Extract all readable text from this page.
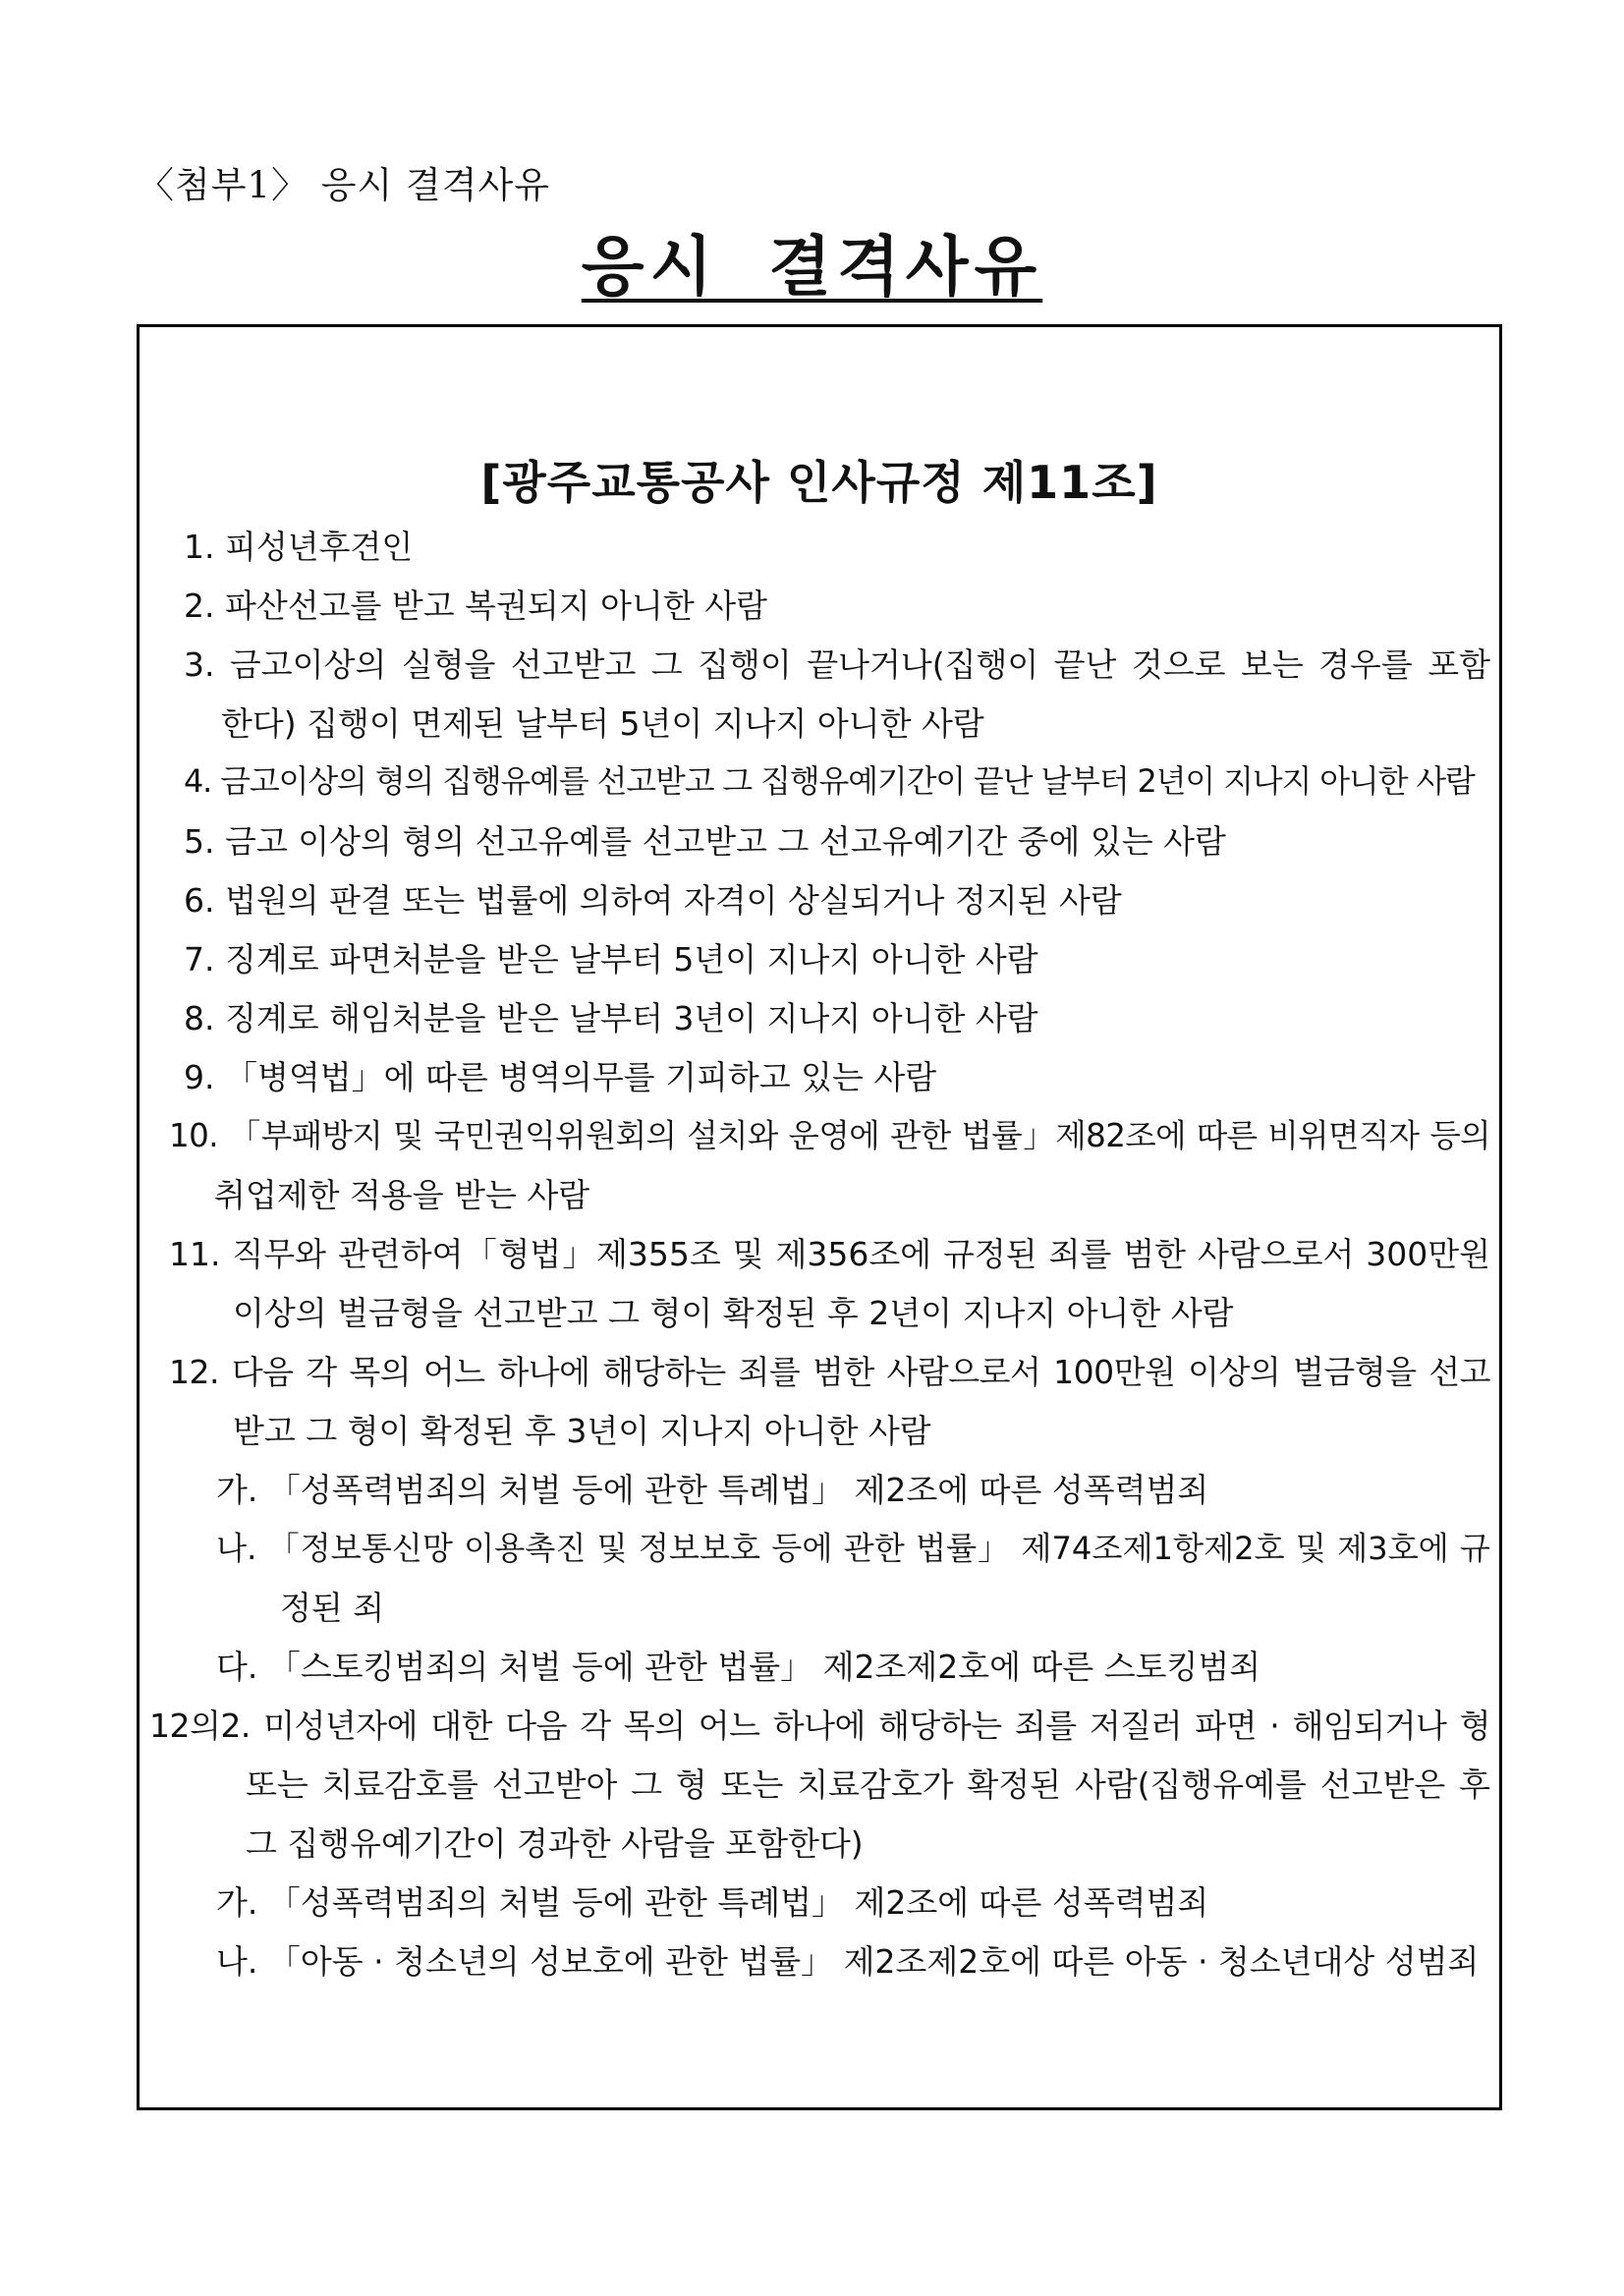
〈첨부1〉 응시 결격사유
응시 결격사유
[광주교통공사 인사규정 제11조]
1. 피성년후견인
2. 파산선고를 받고 복권되지 아니한 사람
3. 금고이상의 실형을 선고받고 그 집행이 끝나거나(집행이 끝난 것으로 보는 경우를 포함
한다) 집행이 면제된 날부터 5년이 지나지 아니한 사람
4. 금고이상의 형의 집행유예를 선고받고 그 집행유예기간이 끝난 날부터 2년이 지나지 아니한 사람
5. 금고 이상의 형의 선고유예를 선고받고 그 선고유예기간 중에 있는 사람
6. 법원의 판결 또는 법률에 의하여 자격이 상실되거나 정지된 사람
7. 징계로 파면처분을 받은 날부터 5년이 지나지 아니한 사람
8. 징계로 해임처분을 받은 날부터 3년이 지나지 아니한 사람
9. 「병역법」에 따른 병역의무를 기피하고 있는 사람
10. 「부패방지 및 국민권익위원회의 설치와 운영에 관한 법률」제82조에 따른 비위면직자 등의
취업제한 적용을 받는 사람
11. 직무와 관련하여「형법」제355조 및 제356조에 규정된 죄를 범한 사람으로서 300만원
이상의 벌금형을 선고받고 그 형이 확정된 후 2년이 지나지 아니한 사람
12. 다음 각 목의 어느 하나에 해당하는 죄를 범한 사람으로서 100만원 이상의 벌금형을 선고
받고 그 형이 확정된 후 3년이 지나지 아니한 사람
가. 「성폭력범죄의 처벌 등에 관한 특례법」 제2조에 따른 성폭력범죄
나. 「정보통신망 이용촉진 및 정보보호 등에 관한 법률」 제74조제1항제2호 및 제3호에 규
정된 죄
다. 「스토킹범죄의 처벌 등에 관한 법률」 제2조제2호에 따른 스토킹범죄
12의2. 미성년자에 대한 다음 각 목의 어느 하나에 해당하는 죄를 저질러 파면 · 해임되거나 형
또는 치료감호를 선고받아 그 형 또는 치료감호가 확정된 사람(집행유예를 선고받은 후
그 집행유예기간이 경과한 사람을 포함한다)
가. 「성폭력범죄의 처벌 등에 관한 특례법」 제2조에 따른 성폭력범죄
나. 「아동 · 청소년의 성보호에 관한 법률」 제2조제2호에 따른 아동 · 청소년대상 성범죄
